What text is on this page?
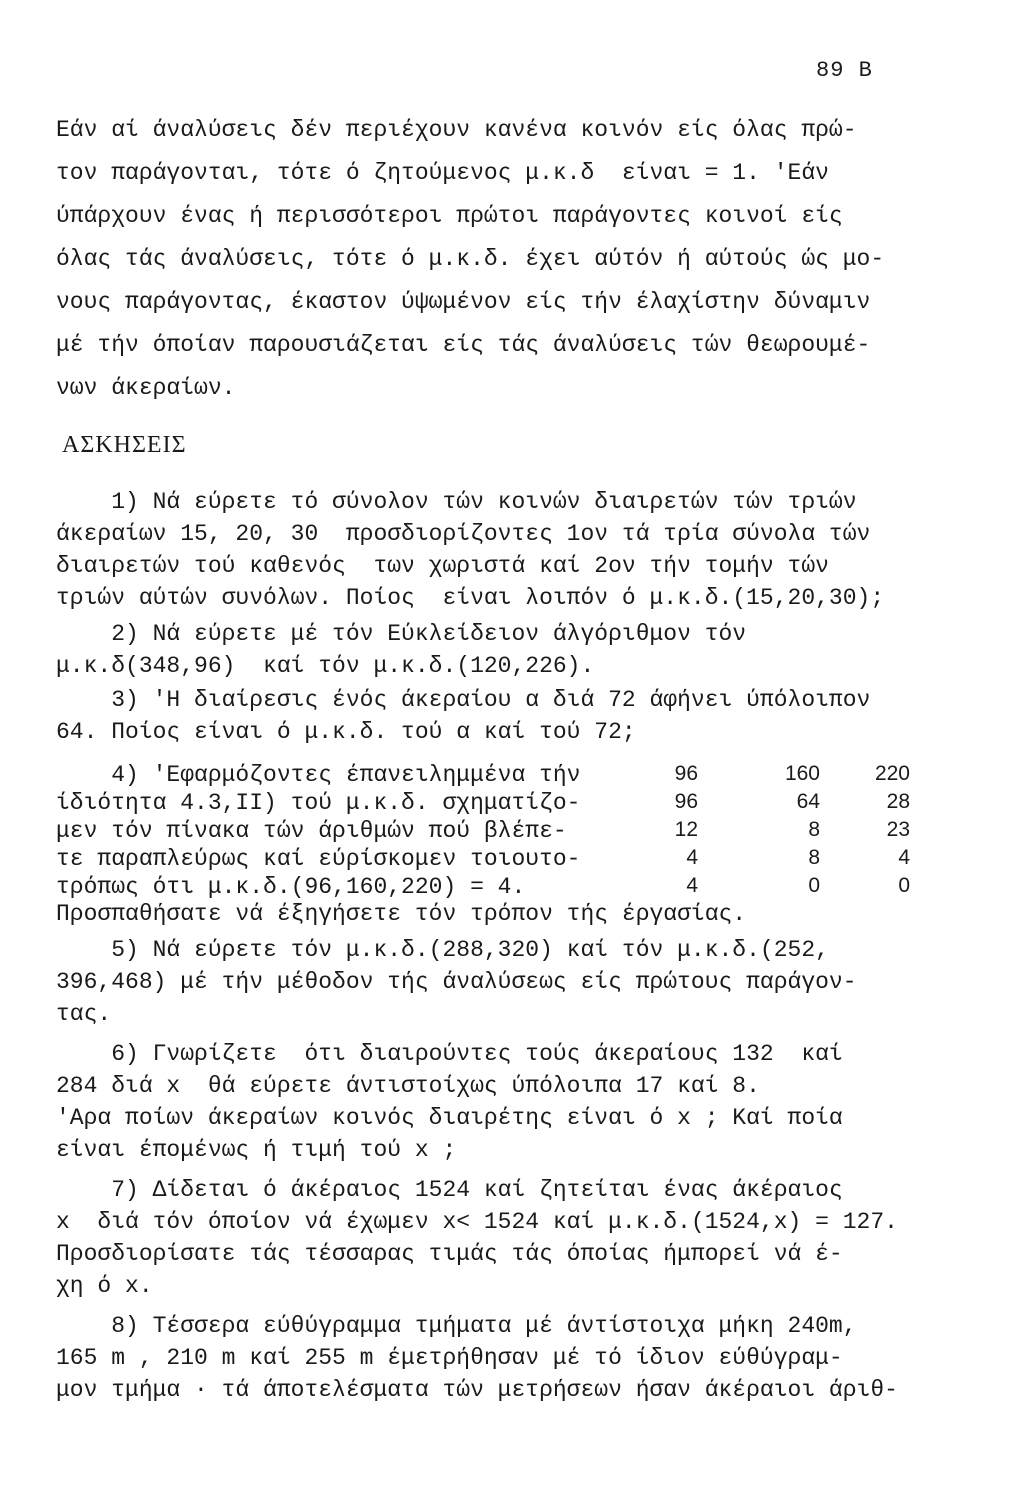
89 B
Εάν αί άναλύσεις δέν περιέχουν κανένα κοινόν είς όλας πρώ-
τον παράγονται, τότε ό ζητούμενος μ.κ.δ  είναι = 1. 'Εάν
ύπάρχουν ένας ή περισσότεροι πρώτοι παράγοντες κοινοί είς
όλας τάς άναλύσεις, τότε ό μ.κ.δ. έχει αύτόν ή αύτούς ώς μο-
νους παράγοντας, έκαστον ύψωμένον είς τήν έλαχίστην δύναμιν
μέ τήν όποίαν παρουσιάζεται είς τάς άναλύσεις τών θεωρουμέ-
νων άκεραίων.
ΑΣΚΗΣΕΙΣ
1) Νά εύρετε τό σύνολον τών κοινών διαιρετών τών τριών
άκεραίων 15, 20, 30  προσδιορίζοντες 1ον τά τρία σύνολα τών
διαιρετών τού καθενός  των χωριστά καί 2ον τήν τομήν τών
τριών αύτών συνόλων. Ποίος  είναι λοιπόν ό μ.κ.δ.(15,20,30);
2) Νά εύρετε μέ τόν Εύκλείδειον άλγόριθμον τόν
μ.κ.δ(348,96)  καί τόν μ.κ.δ.(120,226).
3) 'Η διαίρεσις ένός άκεραίου α διά 72 άφήνει ύπόλοιπον
64. Ποίος είναι ό μ.κ.δ. τού α καί τού 72;
4) 'Εφαρμόζοντες έπανειλημμένα τήν	96	160	220
ίδιότητα 4.3,ΙΙ) τού μ.κ.δ. σχηματίζο-	96	64	28
μεν τόν πίνακα τών άριθμών πού βλέπε-	12	8	23
τε παραπλεύρως καί εύρίσκομεν τοιουτο-	4	8	4
τρόπως ότι μ.κ.δ.(96,160,220) = 4.	4	0	0
Προσπαθήσατε νά έξηγήσετε τόν τρόπον τής έργασίας.
5) Νά εύρετε τόν μ.κ.δ.(288,320) καί τόν μ.κ.δ.(252,
396,468) μέ τήν μέθοδον τής άναλύσεως είς πρώτους παράγον-
τας.
6) Γνωρίζετε  ότι διαιρούντες τούς άκεραίους 132  καί
284 διά x  θά εύρετε άντιστοίχως ύπόλοιπα 17 καί 8.
'Αρα ποίων άκεραίων κοινός διαιρέτης είναι ό x ; Καί ποία
είναι έπομένως ή τιμή τού x ;
7) Δίδεται ό άκέραιος 1524 καί ζητείται ένας άκέραιος
x  διά τόν όποίον νά έχωμεν x< 1524 καί μ.κ.δ.(1524,x) = 127.
Προσδιορίσατε τάς τέσσαρας τιμάς τάς όποίας ήμπορεί νά έ-
χη ό x.
8) Τέσσερα εύθύγραμμα τμήματα μέ άντίστοιχα μήκη 240m,
165 m , 210 m καί 255 m έμετρήθησαν μέ τό ίδιον εύθύγραμ-
μον τμήμα · τά άποτελέσματα τών μετρήσεων ήσαν άκέραιοι άριθ-
